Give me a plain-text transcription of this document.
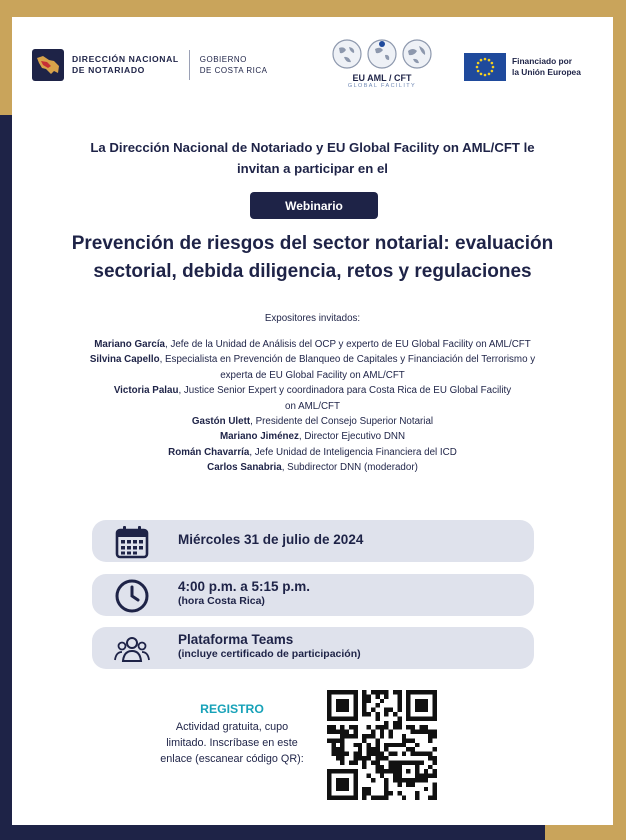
DIRECCIÓN NACIONAL
DE NOTARIADO
GOBIERNO
DE COSTA RICA
EU AML / CFT
GLOBAL FACILITY
Financiado por
la Unión Europea
La Dirección Nacional de Notariado y EU Global Facility on AML/CFT le
invitan a participar en el
Webinario
Prevención de riesgos del sector notarial: evaluación
sectorial, debida diligencia, retos y regulaciones
Expositores invitados:
Mariano García, Jefe de la Unidad de Análisis del OCP y experto de EU Global Facility on AML/CFT
Silvina Capello, Especialista en Prevención de Blanqueo de Capitales y Financiación del Terrorismo y experta de EU Global Facility on AML/CFT
Victoria Palau, Justice Senior Expert y coordinadora para Costa Rica de EU Global Facility on AML/CFT
Gastón Ulett, Presidente del Consejo Superior Notarial
Mariano Jiménez, Director Ejecutivo DNN
Román Chavarría, Jefe Unidad de Inteligencia Financiera del ICD
Carlos Sanabria, Subdirector DNN (moderador)
Miércoles 31 de julio de 2024
4:00 p.m. a 5:15 p.m.
(hora Costa Rica)
Plataforma Teams
(incluye certificado de participación)
REGISTRO
Actividad gratuita, cupo limitado. Inscríbase en este enlace (escanear código QR):
